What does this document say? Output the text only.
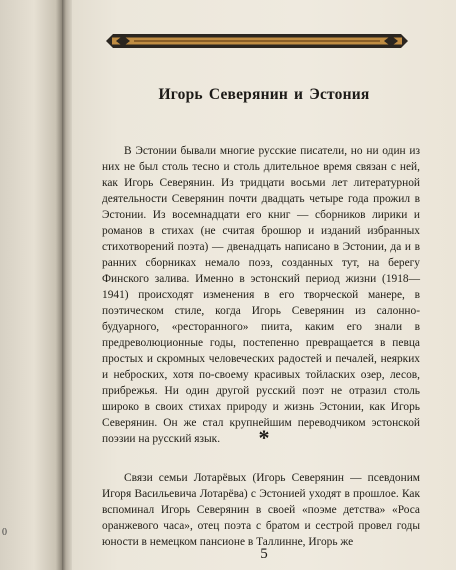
0
Игорь Северянин и Эстония

В Эстонии бывали многие русские писатели, но ни один из них не был столь тесно и столь длительное время связан с ней, как Игорь Северянин. Из тридцати восьми лет литературной деятельности Северянин почти двадцать четыре года прожил в Эстонии. Из восемнадцати его книг — сборников лирики и романов в стихах (не считая брошюр и изданий избранных стихотворений поэта) — двенадцать написано в Эстонии, да и в ранних сборниках немало поэз, созданных тут, на берегу Финского залива. Именно в эстонский период жизни (1918—1941) происходят изменения в его творческой манере, в поэтическом стиле, когда Игорь Северянин из салонно-будуарного, «ресторанного» пиита, каким его знали в предреволюционные годы, постепенно превращается в певца простых и скромных человеческих радостей и печалей, неярких и неброских, хотя по-своему красивых тойласких озер, лесов, прибрежья. Ни один другой русский поэт не отразил столь широко в своих стихах природу и жизнь Эстонии, как Игорь Северянин. Он же стал крупнейшим переводчиком эстонской поэзии на русский язык.	*

Связи семьи Лотарёвых (Игорь Северянин — псевдоним Игоря Васильевича Лотарёва) с Эстонией уходят в прошлое. Как вспоминал Игорь Северянин в своей «поэме детства» «Роса оранжевого часа», отец поэта с братом и сестрой провел годы юности в немецком пансионе в Таллинне, Игорь же

5
